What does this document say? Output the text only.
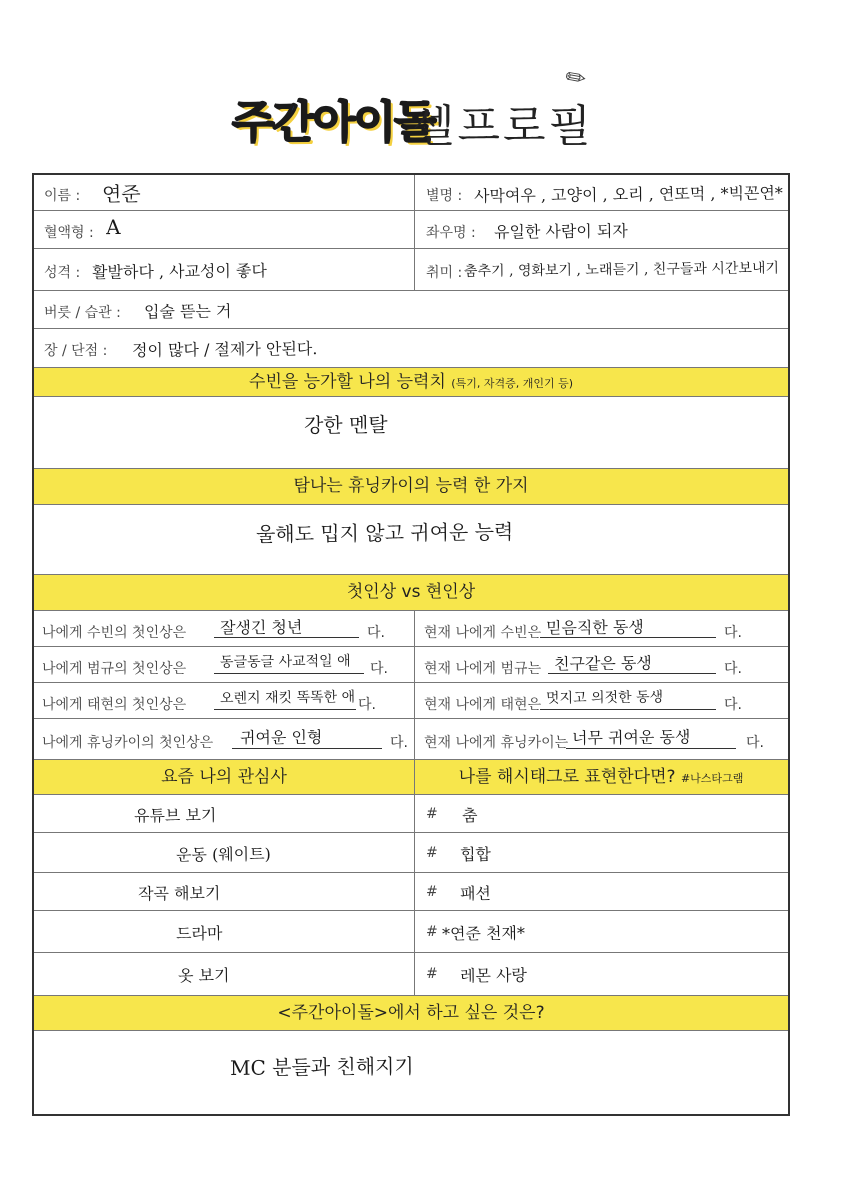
주간아이돌
셀프로필
✎
이름 : 연준	별명 : 사막여우 , 고양이 , 오리 , 연또먹 , *빅꼰연*
혈액형 : A	좌우명 : 유일한 사람이 되자
성격 : 활발하다 , 사교성이 좋다	취미 : 춤추기 , 영화보기 , 노래듣기 , 친구들과 시간보내기
버릇 / 습관 : 입술 뜯는 거
장 / 단점 : 정이 많다 / 절제가 안된다.
수빈을 능가할 나의 능력치 (특기, 자격증, 개인기 등)
강한 멘탈
탐나는 휴닝카이의 능력 한 가지
울해도 밉지 않고 귀여운 능력
첫인상 vs 현인상
나에게 수빈의 첫인상은 잘생긴 청년	다.	현재 나에게 수빈은 믿음직한 동생	다.
나에게 범규의 첫인상은 동글동글 사교적일 애 다.	현재 나에게 범규는 친구같은 동생	다.
나에게 태현의 첫인상은 오렌지 재킷 똑똑한 애 다.	현재 나에게 태현은 멋지고 의젓한 동생	다.
나에게 휴닝카이의 첫인상은 귀여운 인형	다. 현재 나에게 휴닝카이는 너무 귀여운 동생	다.
요즘 나의 관심사	나를 해시태그로 표현한다면? #나스타그램
유튜브 보기	# 춤
운동 (웨이트)	# 힙합
작곡 해보기	# 패션
드라마	# *연준 천재*
옷 보기	# 레몬 사랑
<주간아이돌>에서 하고 싶은 것은?
MC 분들과 친해지기
